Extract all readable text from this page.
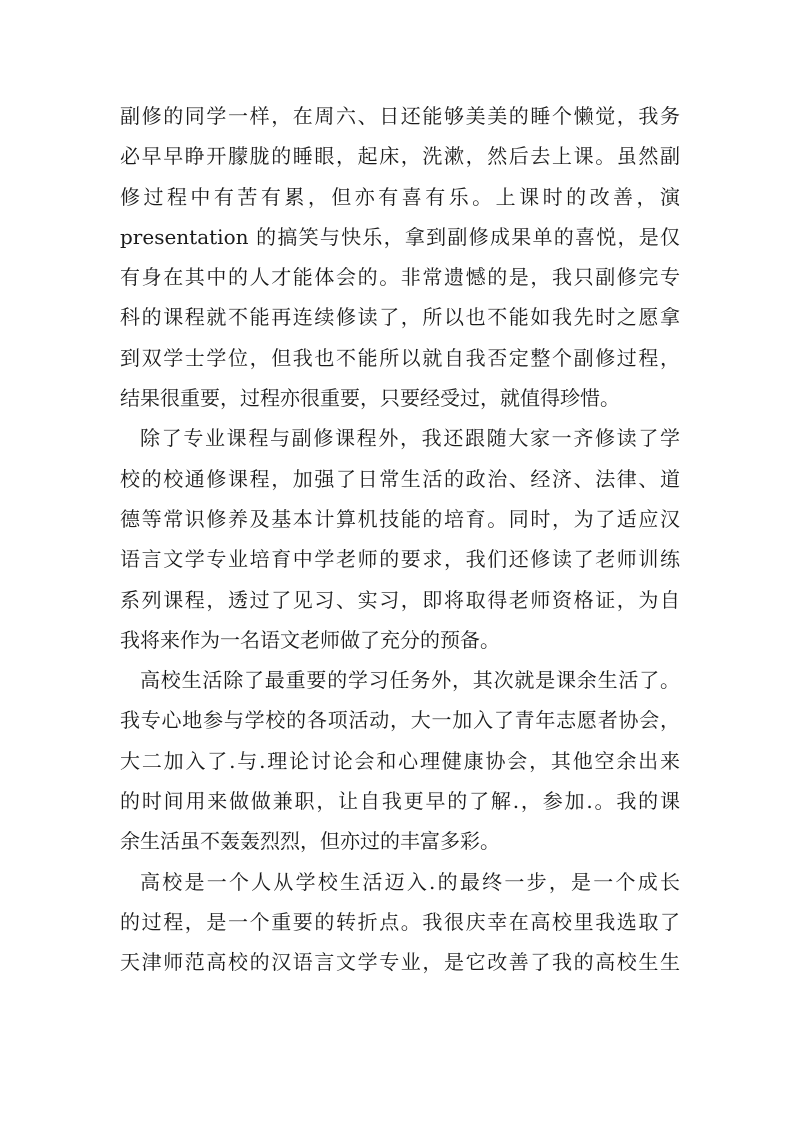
副修的同学一样，在周六、日还能够美美的睡个懒觉，我务
必早早睁开朦胧的睡眼，起床，洗漱，然后去上课。虽然副
修过程中有苦有累，但亦有喜有乐。上课时的改善，演
presentation 的搞笑与快乐，拿到副修成果单的喜悦，是仅
有身在其中的人才能体会的。非常遗憾的是，我只副修完专
科的课程就不能再连续修读了，所以也不能如我先时之愿拿
到双学士学位，但我也不能所以就自我否定整个副修过程，
结果很重要，过程亦很重要，只要经受过，就值得珍惜。
除了专业课程与副修课程外，我还跟随大家一齐修读了学
校的校通修课程，加强了日常生活的政治、经济、法律、道
德等常识修养及基本计算机技能的培育。同时，为了适应汉
语言文学专业培育中学老师的要求，我们还修读了老师训练
系列课程，透过了见习、实习，即将取得老师资格证，为自
我将来作为一名语文老师做了充分的预备。
高校生活除了最重要的学习任务外，其次就是课余生活了。
我专心地参与学校的各项活动，大一加入了青年志愿者协会，
大二加入了.与.理论讨论会和心理健康协会，其他空余出来
的时间用来做做兼职，让自我更早的了解.，参加.。我的课
余生活虽不轰轰烈烈，但亦过的丰富多彩。
高校是一个人从学校生活迈入.的最终一步，是一个成长
的过程，是一个重要的转折点。我很庆幸在高校里我选取了
天津师范高校的汉语言文学专业，是它改善了我的高校生生
